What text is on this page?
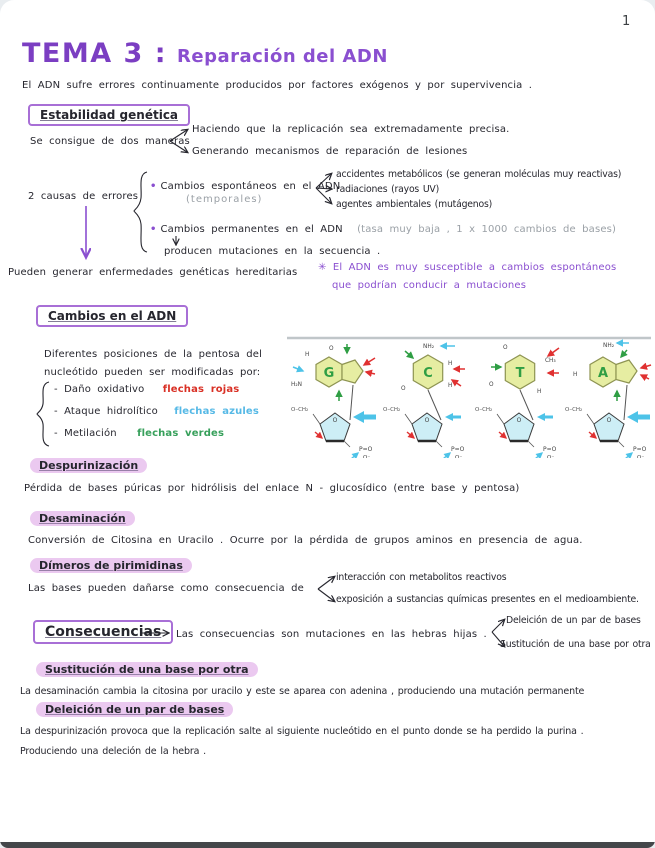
1
TEMA 3 : Reparación del ADN
El ADN sufre errores continuamente producidos por factores exógenos y por supervivencia .
Estabilidad genética
Se consigue de dos maneras
Haciendo que la replicación sea extremadamente precisa.
Generando mecanismos de reparación de lesiones
2 causas de errores
• Cambios espontáneos en el ADN
(temporales)
accidentes metabólicos (se generan moléculas muy reactivas)
radiaciones (rayos UV)
agentes ambientales (mutágenos)
• Cambios permanentes en el ADN (tasa muy baja , 1 x 1000 cambios de bases)
producen mutaciones en la secuencia .
Pueden generar enfermedades genéticas hereditarias ✳ El ADN es muy susceptible a cambios espontáneos
que podrían conducir a mutaciones
Cambios en el ADN
Diferentes posiciones de la pentosa del
nucleótido pueden ser modificadas por:
- Daño oxidativo flechas rojas
- Ataque hidrolítico flechas azules
- Metilación flechas verdes
G
O
O–CH₂
P=O
O⁻
O
H
H₂N
C
O
O–CH₂
P=O
O⁻
NH₂
H
H
O
T
O
O–CH₂
P=O
O⁻
O
CH₃
O
H
A
O
O–CH₂
P=O
O⁻
NH₂
H
Despurinización
Pérdida de bases púricas por hidrólisis del enlace N - glucosídico (entre base y pentosa)
Desaminación
Conversión de Citosina en Uracilo . Ocurre por la pérdida de grupos aminos en presencia de agua.
Dímeros de pirimidinas
Las bases pueden dañarse como consecuencia de
interacción con metabolitos reactivos
exposición a sustancias químicas presentes en el medioambiente.
Consecuencias	Las consecuencias son mutaciones en las hebras hijas .
Deleición de un par de bases
Sustitución de una base por otra
Sustitución de una base por otra
La desaminación cambia la citosina por uracilo y este se aparea con adenina , produciendo una mutación permanente
Deleición de un par de bases
La despurinización provoca que la replicación salte al siguiente nucleótido en el punto donde se ha perdido la purina .
Produciendo una deleción de la hebra .
